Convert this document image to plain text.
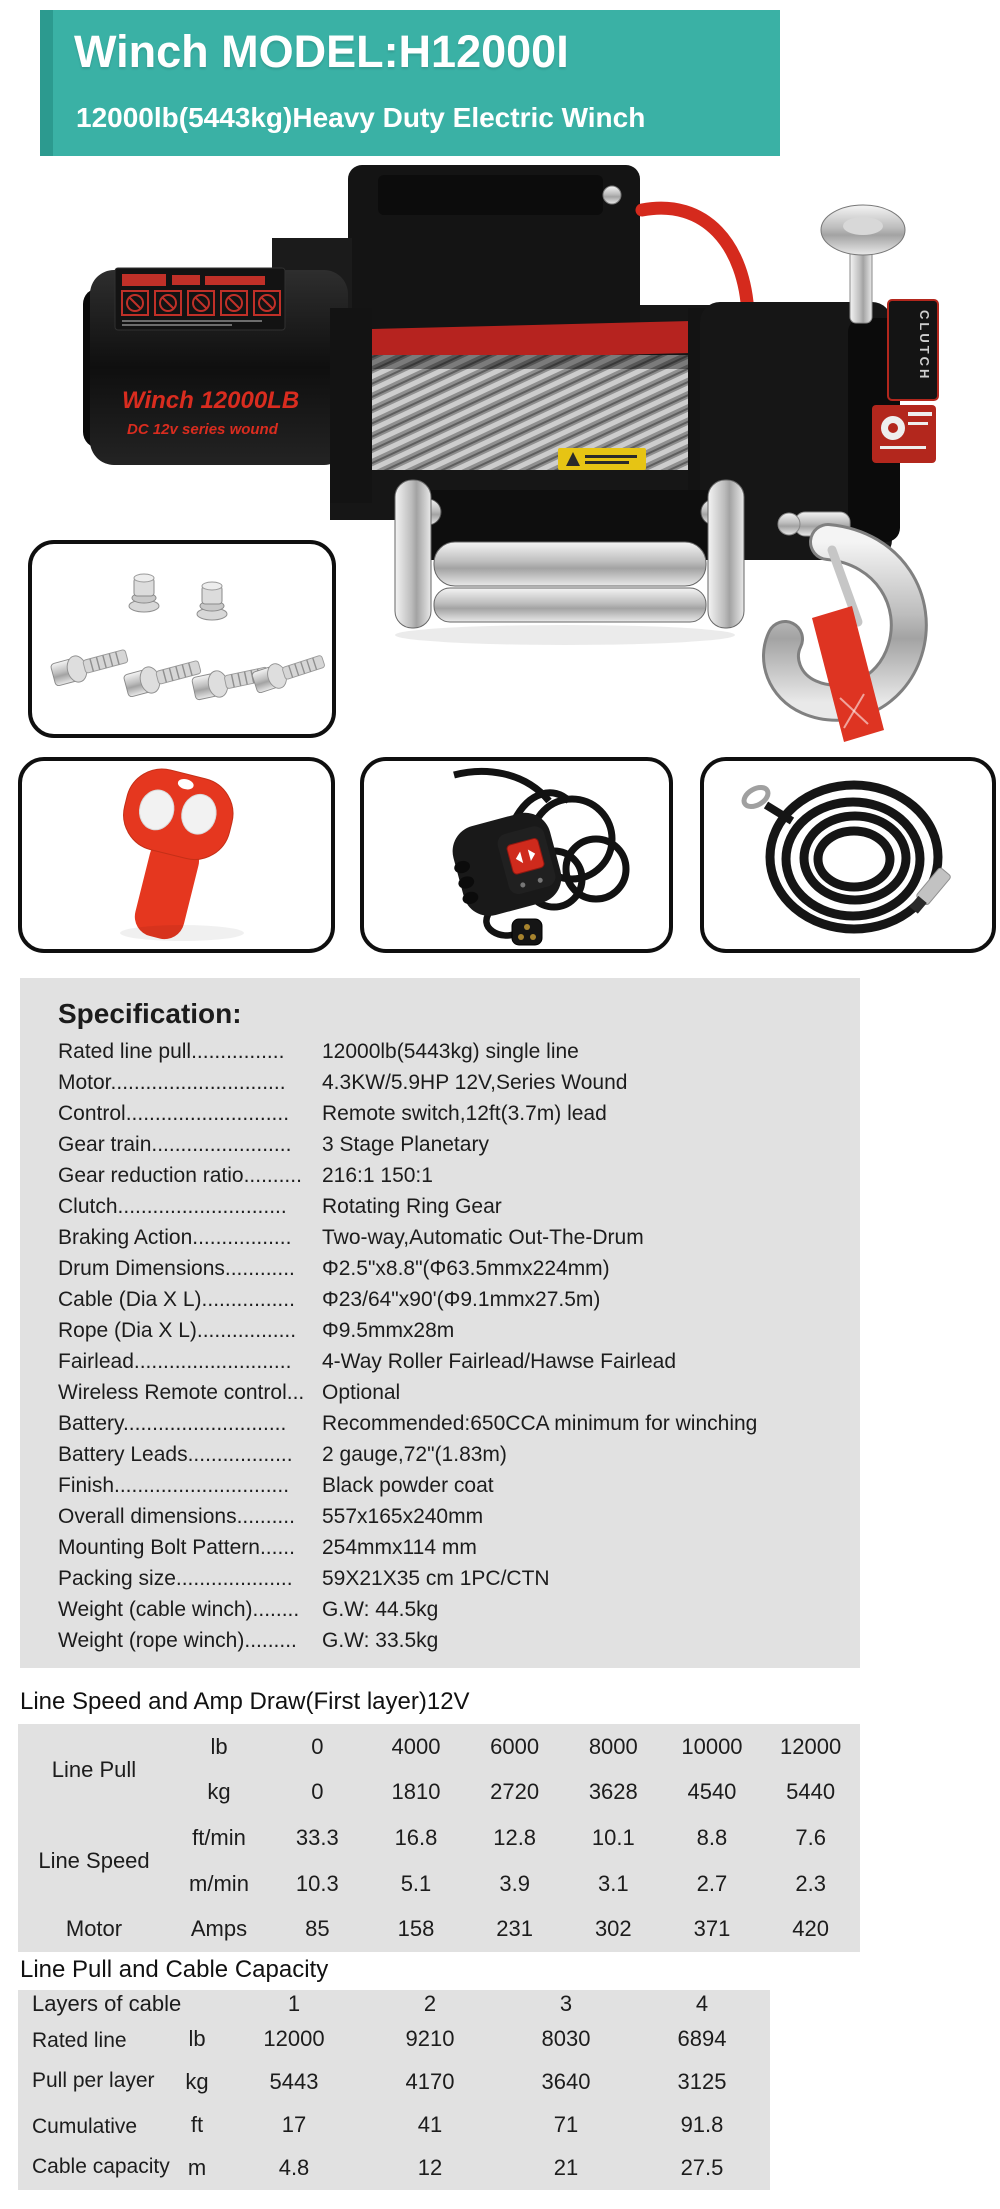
Winch MODEL:H12000I
12000lb(5443kg)Heavy Duty Electric Winch
Winch 12000LB
DC 12v series wound
CLUTCH
Specification:
Rated line pull................	12000lb(5443kg) single line
Motor..............................	4.3KW/5.9HP 12V,Series Wound
Control............................	Remote switch,12ft(3.7m) lead
Gear train........................	3 Stage Planetary
Gear reduction ratio.......... 216:1 150:1
Clutch.............................	Rotating Ring Gear
Braking Action.................	Two-way,Automatic Out-The-Drum
Drum Dimensions............	Φ2.5"x8.8"(Φ63.5mmx224mm)
Cable (Dia X L)................	Φ23/64"x90'(Φ9.1mmx27.5m)
Rope (Dia X L).................	Φ9.5mmx28m
Fairlead...........................	4-Way Roller Fairlead/Hawse Fairlead
Wireless Remote control... Optional
Battery............................	Recommended:650CCA minimum for winching
Battery Leads..................	2 gauge,72"(1.83m)
Finish..............................	Black powder coat
Overall dimensions..........	557x165x240mm
Mounting Bolt Pattern......	254mmx114 mm
Packing size....................	59X21X35 cm 1PC/CTN
Weight (cable winch)........	G.W: 44.5kg
Weight (rope winch).........	G.W: 33.5kg
Line Speed and Amp Draw(First layer)12V
Line Pull	lb	0	4000	6000	8000	10000	12000
	kg	0	1810	2720	3628	4540	5440
Line Speed	ft/min	33.3	16.8	12.8	10.1	8.8	7.6
	m/min	10.3	5.1	3.9	3.1	2.7	2.3
Motor	Amps	85	158	231	302	371	420
Line Pull and Cable Capacity
Layers of cable		1	2	3	4

Rated line
Pull per layer	lb	12000	9210	8030	6894
	kg	5443	4170	3640	3125

Cumulative
Cable capacity	ft	17	41	71	91.8
	m	4.8	12	21	27.5
